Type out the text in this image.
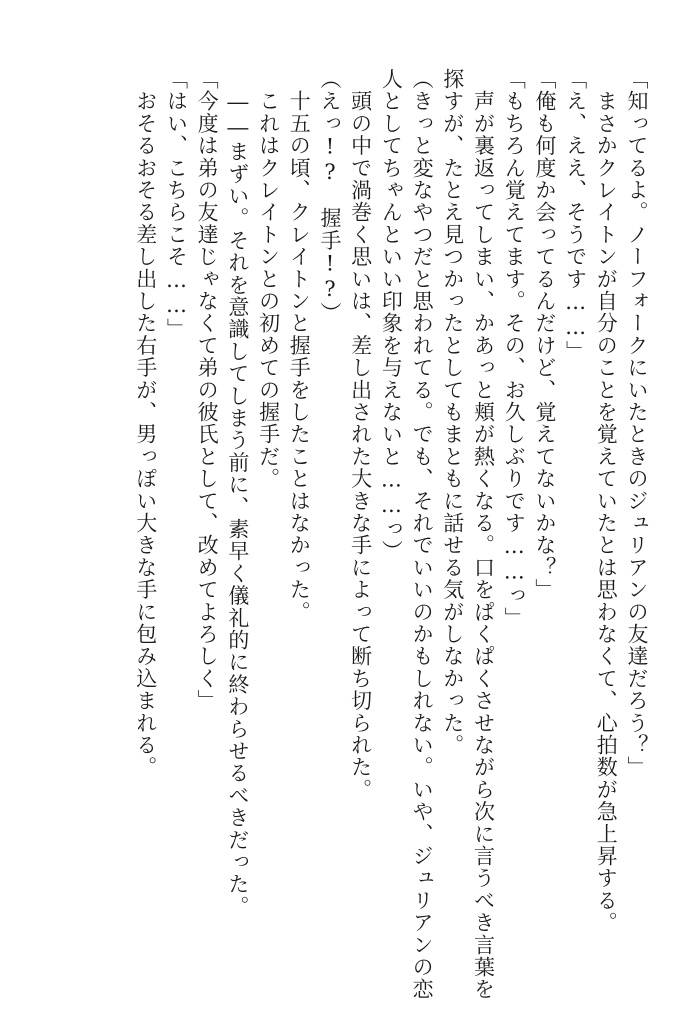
「知ってるよ。ノーフォークにいたときのジュリアンの友達だろう？」
　まさかクレイトンが自分のことを覚えていたとは思わなくて、心拍数が急上昇する。
「え、ええ、そうです……」
「俺も何度か会ってるんだけど、覚えてないかな？」
「もちろん覚えてます。その、お久しぶりです……っ」
　声が裏返ってしまい、かあっと頬が熱くなる。口をぱくぱくさせながら次に言うべき言葉を
探すが、たとえ見つかったとしてもまともに話せる気がしなかった。
（きっと変なやつだと思われてる。でも、それでいいのかもしれない。いや、ジュリアンの恋
人としてちゃんといい印象を与えないと……っ）
　頭の中で渦巻く思いは、差し出された大きな手によって断ち切られた。
（えっ!?　握手!?）
　十五の頃、クレイトンと握手をしたことはなかった。
　これはクレイトンとの初めての握手だ。
　――まずい。それを意識してしまう前に、素早く儀礼的に終わらせるべきだった。
「今度は弟の友達じゃなくて弟の彼氏として、改めてよろしく」
「はい、こちらこそ……」
　おそるおそる差し出した右手が、男っぽい大きな手に包み込まれる。
